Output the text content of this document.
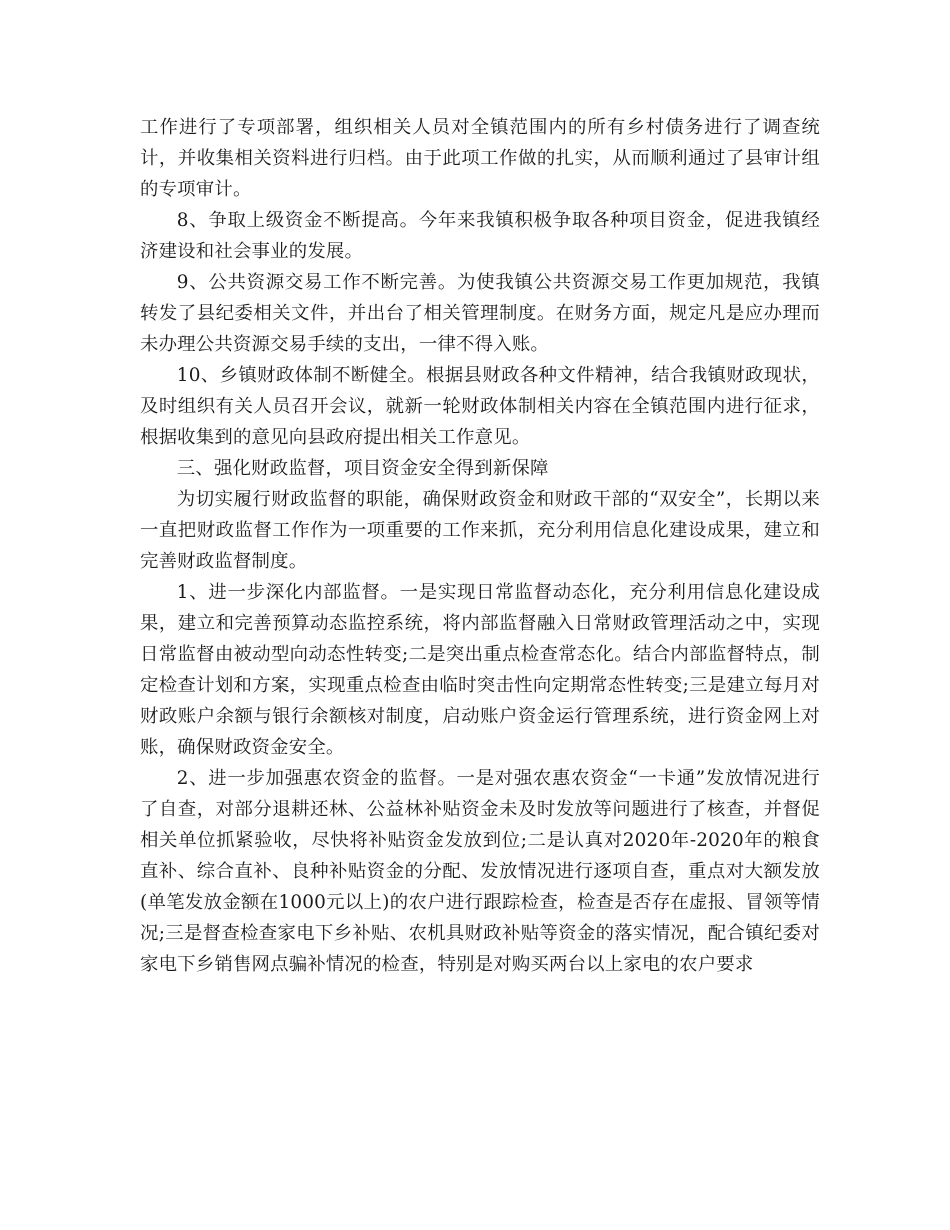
工作进行了专项部署，组织相关人员对全镇范围内的所有乡村债务进行了调查统计，并收集相关资料进行归档。由于此项工作做的扎实，从而顺利通过了县审计组的专项审计。

8、争取上级资金不断提高。今年来我镇积极争取各种项目资金，促进我镇经济建设和社会事业的发展。

9、公共资源交易工作不断完善。为使我镇公共资源交易工作更加规范，我镇转发了县纪委相关文件，并出台了相关管理制度。在财务方面，规定凡是应办理而未办理公共资源交易手续的支出，一律不得入账。

10、乡镇财政体制不断健全。根据县财政各种文件精神，结合我镇财政现状，及时组织有关人员召开会议，就新一轮财政体制相关内容在全镇范围内进行征求，根据收集到的意见向县政府提出相关工作意见。

三、强化财政监督，项目资金安全得到新保障

为切实履行财政监督的职能，确保财政资金和财政干部的“双安全”，长期以来一直把财政监督工作作为一项重要的工作来抓，充分利用信息化建设成果，建立和完善财政监督制度。

1、进一步深化内部监督。一是实现日常监督动态化，充分利用信息化建设成果，建立和完善预算动态监控系统，将内部监督融入日常财政管理活动之中，实现日常监督由被动型向动态性转变;二是突出重点检查常态化。结合内部监督特点，制定检查计划和方案，实现重点检查由临时突击性向定期常态性转变;三是建立每月对财政账户余额与银行余额核对制度，启动账户资金运行管理系统，进行资金网上对账，确保财政资金安全。

2、进一步加强惠农资金的监督。一是对强农惠农资金“一卡通”发放情况进行了自查，对部分退耕还林、公益林补贴资金未及时发放等问题进行了核查，并督促相关单位抓紧验收，尽快将补贴资金发放到位;二是认真对2020年-2020年的粮食直补、综合直补、良种补贴资金的分配、发放情况进行逐项自查，重点对大额发放(单笔发放金额在1000元以上)的农户进行跟踪检查，检查是否存在虚报、冒领等情况;三是督查检查家电下乡补贴、农机具财政补贴等资金的落实情况，配合镇纪委对家电下乡销售网点骗补情况的检查，特别是对购买两台以上家电的农户要求
